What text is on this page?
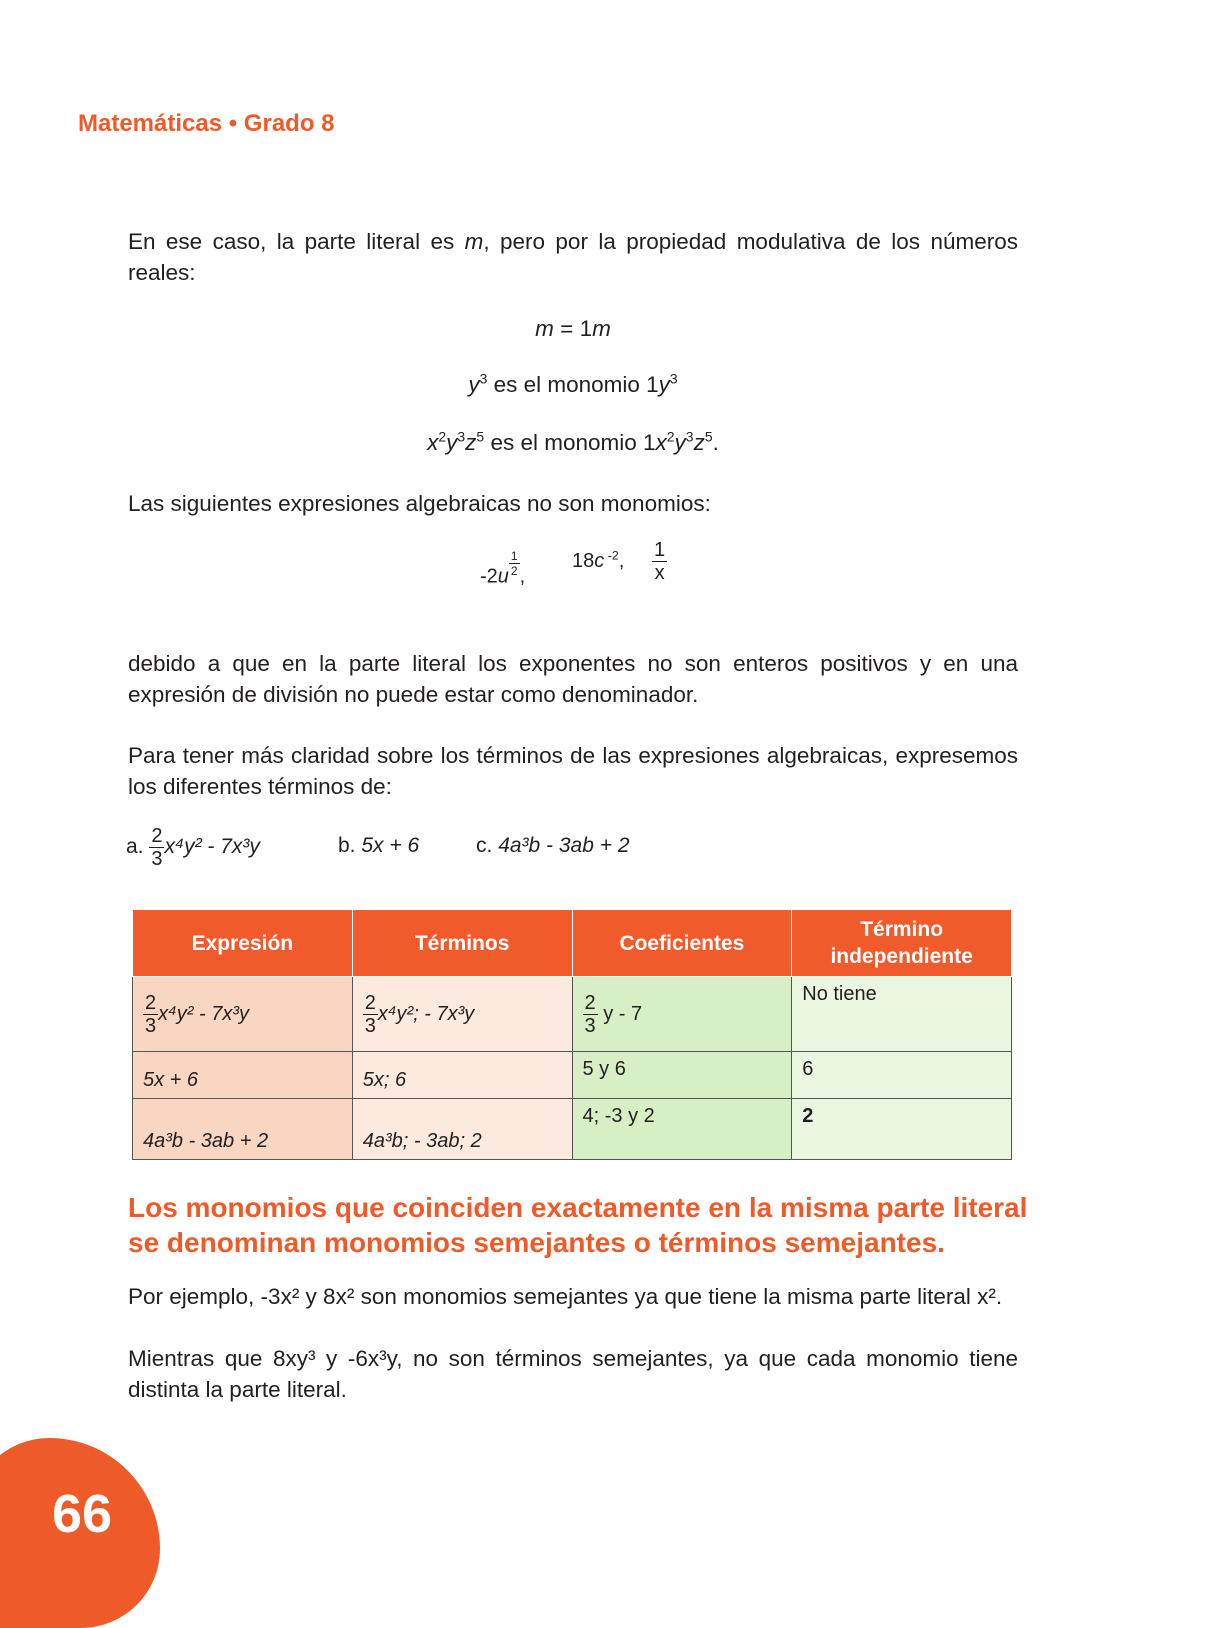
Matemáticas • Grado 8
En ese caso, la parte literal es m, pero por la propiedad modulativa de los números reales:
m = 1m
$y^3$ es el monomio $1y^3$
$x^2y^3z^5$ es el monomio $1x^2y^3z^5$.
Las siguientes expresiones algebraicas no son monomios:
$-2u \frac{1}{2}$ ,
18c $^{-2}$, $\frac{1}{x}$
debido a que en la parte literal los exponentes no son enteros positivos y en una expresión de división no puede estar como denominador.
Para tener más claridad sobre los términos de las expresiones algebraicas, expresemos los diferentes términos de:
a. $\frac{2}{3} x^4y^2 - 7x^3y$	b. 5x + 6	c. 4a³b - 3ab + 2
Expresión	Términos	Coeficientes	Término independiente

$\frac{2}{3} x^4y^2 - 7x^3y$	$\frac{2}{3} x^4y^2$; - 7x³y	$\frac{2}{3}$ y - 7	No tiene
5x + 6	5x; 6	5 y 6	6
4a³b - 3ab + 2	4a³b; - 3ab; 2	4; -3 y 2	2
Los monomios que coinciden exactamente en la misma parte literal se denominan monomios semejantes o términos semejantes.
Por ejemplo, -3x² y 8x² son monomios semejantes ya que tiene la misma parte literal x².
Mientras que 8xy³ y -6x³y, no son términos semejantes, ya que cada monomio tiene distinta la parte literal.
66
